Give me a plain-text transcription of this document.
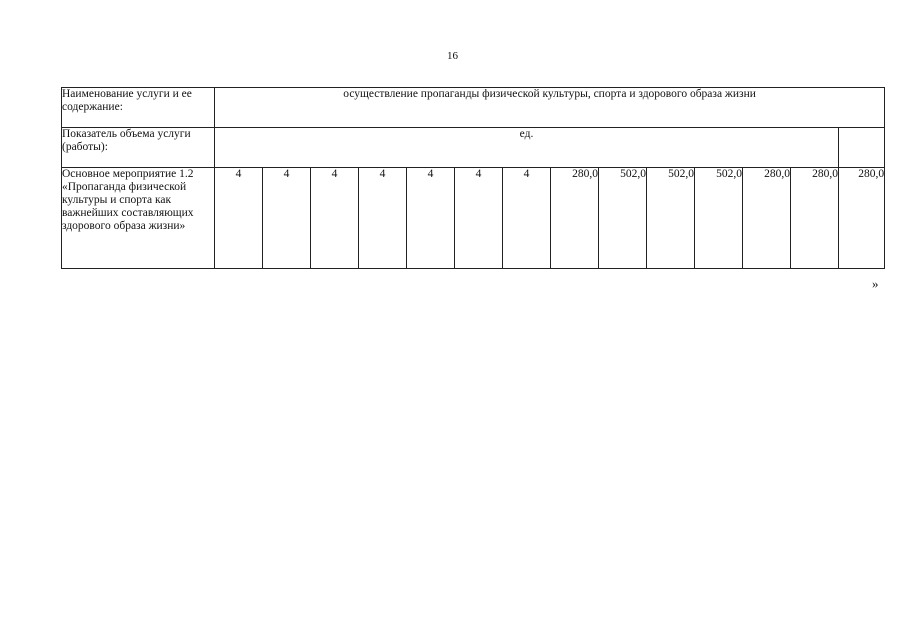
16
Наименование услуги и ее содержание:	осуществление пропаганды физической культуры, спорта и здорового образа жизни													
Показатель объема услуги (работы):	ед.													
Основное мероприятие 1.2 «Пропаганда физической культуры и спорта как важнейших составляющих здорового образа жизни»	4	4	4	4	4	4	4	280,0	502,0	502,0	502,0	280,0	280,0	280,0
»
